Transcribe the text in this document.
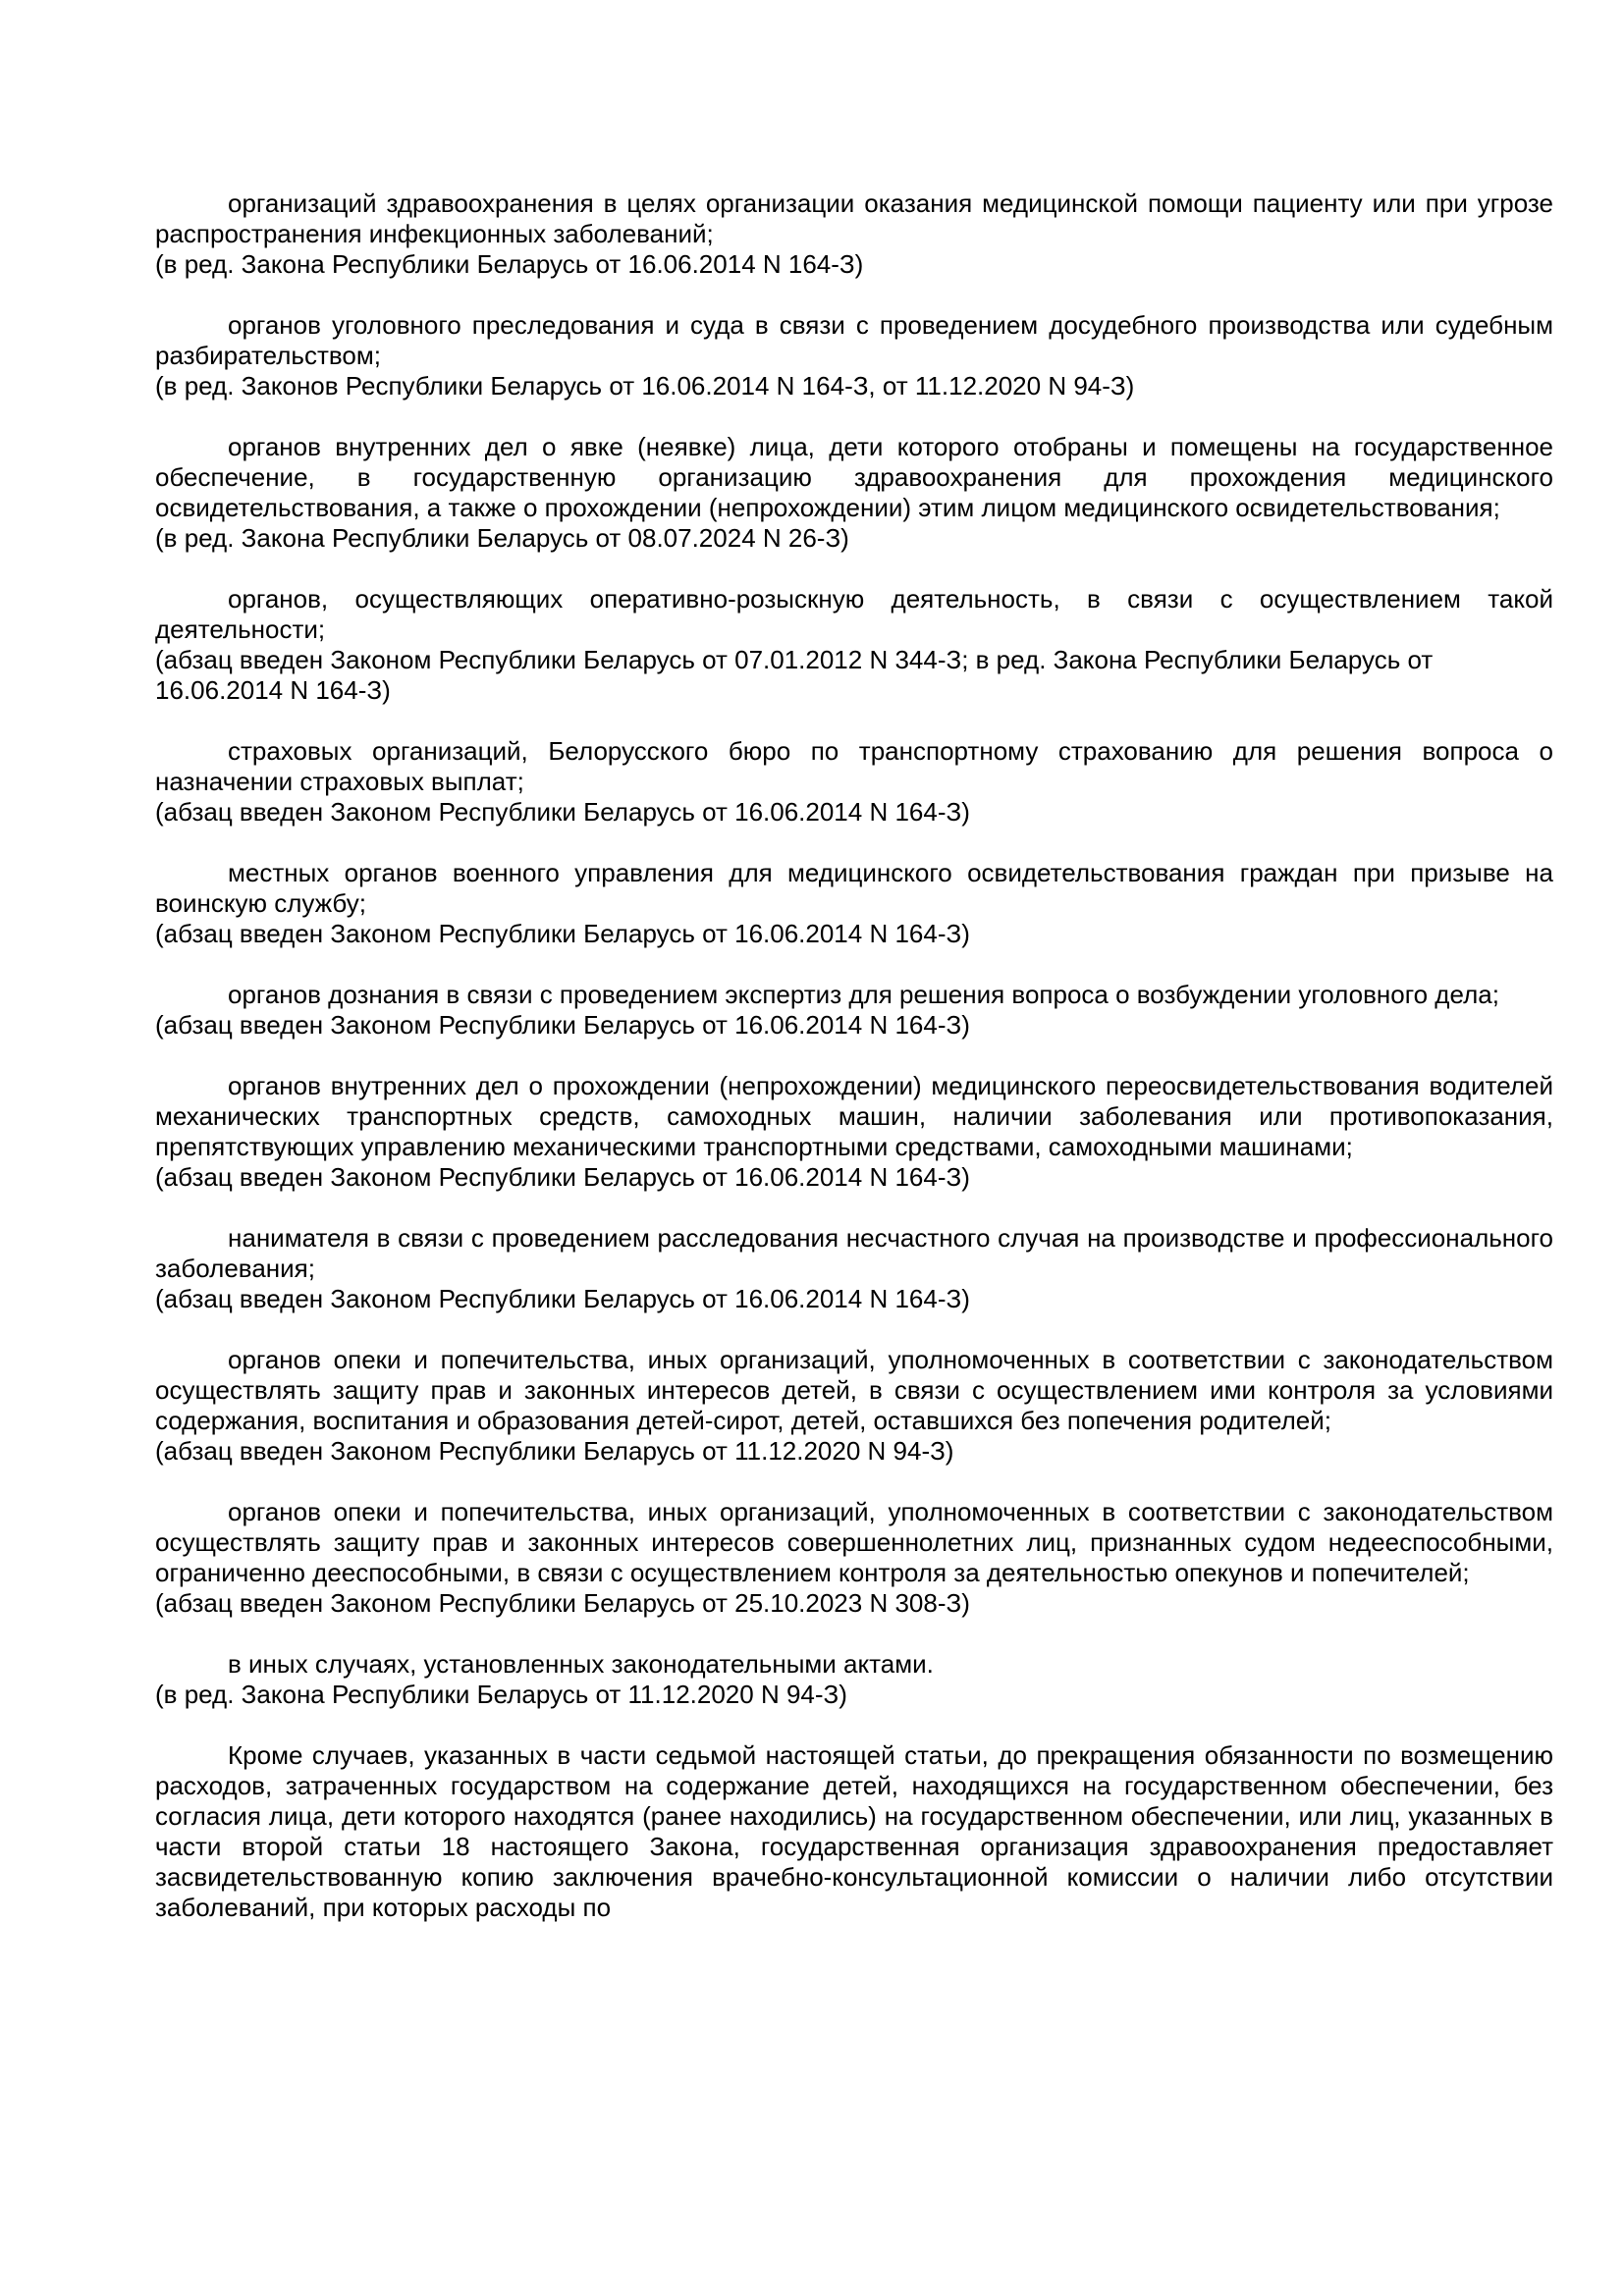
организаций здравоохранения в целях организации оказания медицинской помощи пациенту или при угрозе распространения инфекционных заболеваний;

(в ред. Закона Республики Беларусь от 16.06.2014 N 164-З)

органов уголовного преследования и суда в связи с проведением досудебного производства или судебным разбирательством;

(в ред. Законов Республики Беларусь от 16.06.2014 N 164-З, от 11.12.2020 N 94-З)

органов внутренних дел о явке (неявке) лица, дети которого отобраны и помещены на государственное обеспечение, в государственную организацию здравоохранения для прохождения медицинского освидетельствования, а также о прохождении (непрохождении) этим лицом медицинского освидетельствования;

(в ред. Закона Республики Беларусь от 08.07.2024 N 26-З)

органов, осуществляющих оперативно-розыскную деятельность, в связи с осуществлением такой деятельности;

(абзац введен Законом Республики Беларусь от 07.01.2012 N 344-З; в ред. Закона Республики Беларусь от 16.06.2014 N 164-З)

страховых организаций, Белорусского бюро по транспортному страхованию для решения вопроса о назначении страховых выплат;

(абзац введен Законом Республики Беларусь от 16.06.2014 N 164-З)

местных органов военного управления для медицинского освидетельствования граждан при призыве на воинскую службу;

(абзац введен Законом Республики Беларусь от 16.06.2014 N 164-З)

органов дознания в связи с проведением экспертиз для решения вопроса о возбуждении уголовного дела;

(абзац введен Законом Республики Беларусь от 16.06.2014 N 164-З)

органов внутренних дел о прохождении (непрохождении) медицинского переосвидетельствования водителей механических транспортных средств, самоходных машин, наличии заболевания или противопоказания, препятствующих управлению механическими транспортными средствами, самоходными машинами;

(абзац введен Законом Республики Беларусь от 16.06.2014 N 164-З)

нанимателя в связи с проведением расследования несчастного случая на производстве и профессионального заболевания;

(абзац введен Законом Республики Беларусь от 16.06.2014 N 164-З)

органов опеки и попечительства, иных организаций, уполномоченных в соответствии с законодательством осуществлять защиту прав и законных интересов детей, в связи с осуществлением ими контроля за условиями содержания, воспитания и образования детей-сирот, детей, оставшихся без попечения родителей;

(абзац введен Законом Республики Беларусь от 11.12.2020 N 94-З)

органов опеки и попечительства, иных организаций, уполномоченных в соответствии с законодательством осуществлять защиту прав и законных интересов совершеннолетних лиц, признанных судом недееспособными, ограниченно дееспособными, в связи с осуществлением контроля за деятельностью опекунов и попечителей;

(абзац введен Законом Республики Беларусь от 25.10.2023 N 308-З)

в иных случаях, установленных законодательными актами.

(в ред. Закона Республики Беларусь от 11.12.2020 N 94-З)

Кроме случаев, указанных в части седьмой настоящей статьи, до прекращения обязанности по возмещению расходов, затраченных государством на содержание детей, находящихся на государственном обеспечении, без согласия лица, дети которого находятся (ранее находились) на государственном обеспечении, или лиц, указанных в части второй статьи 18 настоящего Закона, государственная организация здравоохранения предоставляет засвидетельствованную копию заключения врачебно-консультационной комиссии о наличии либо отсутствии заболеваний, при которых расходы по
